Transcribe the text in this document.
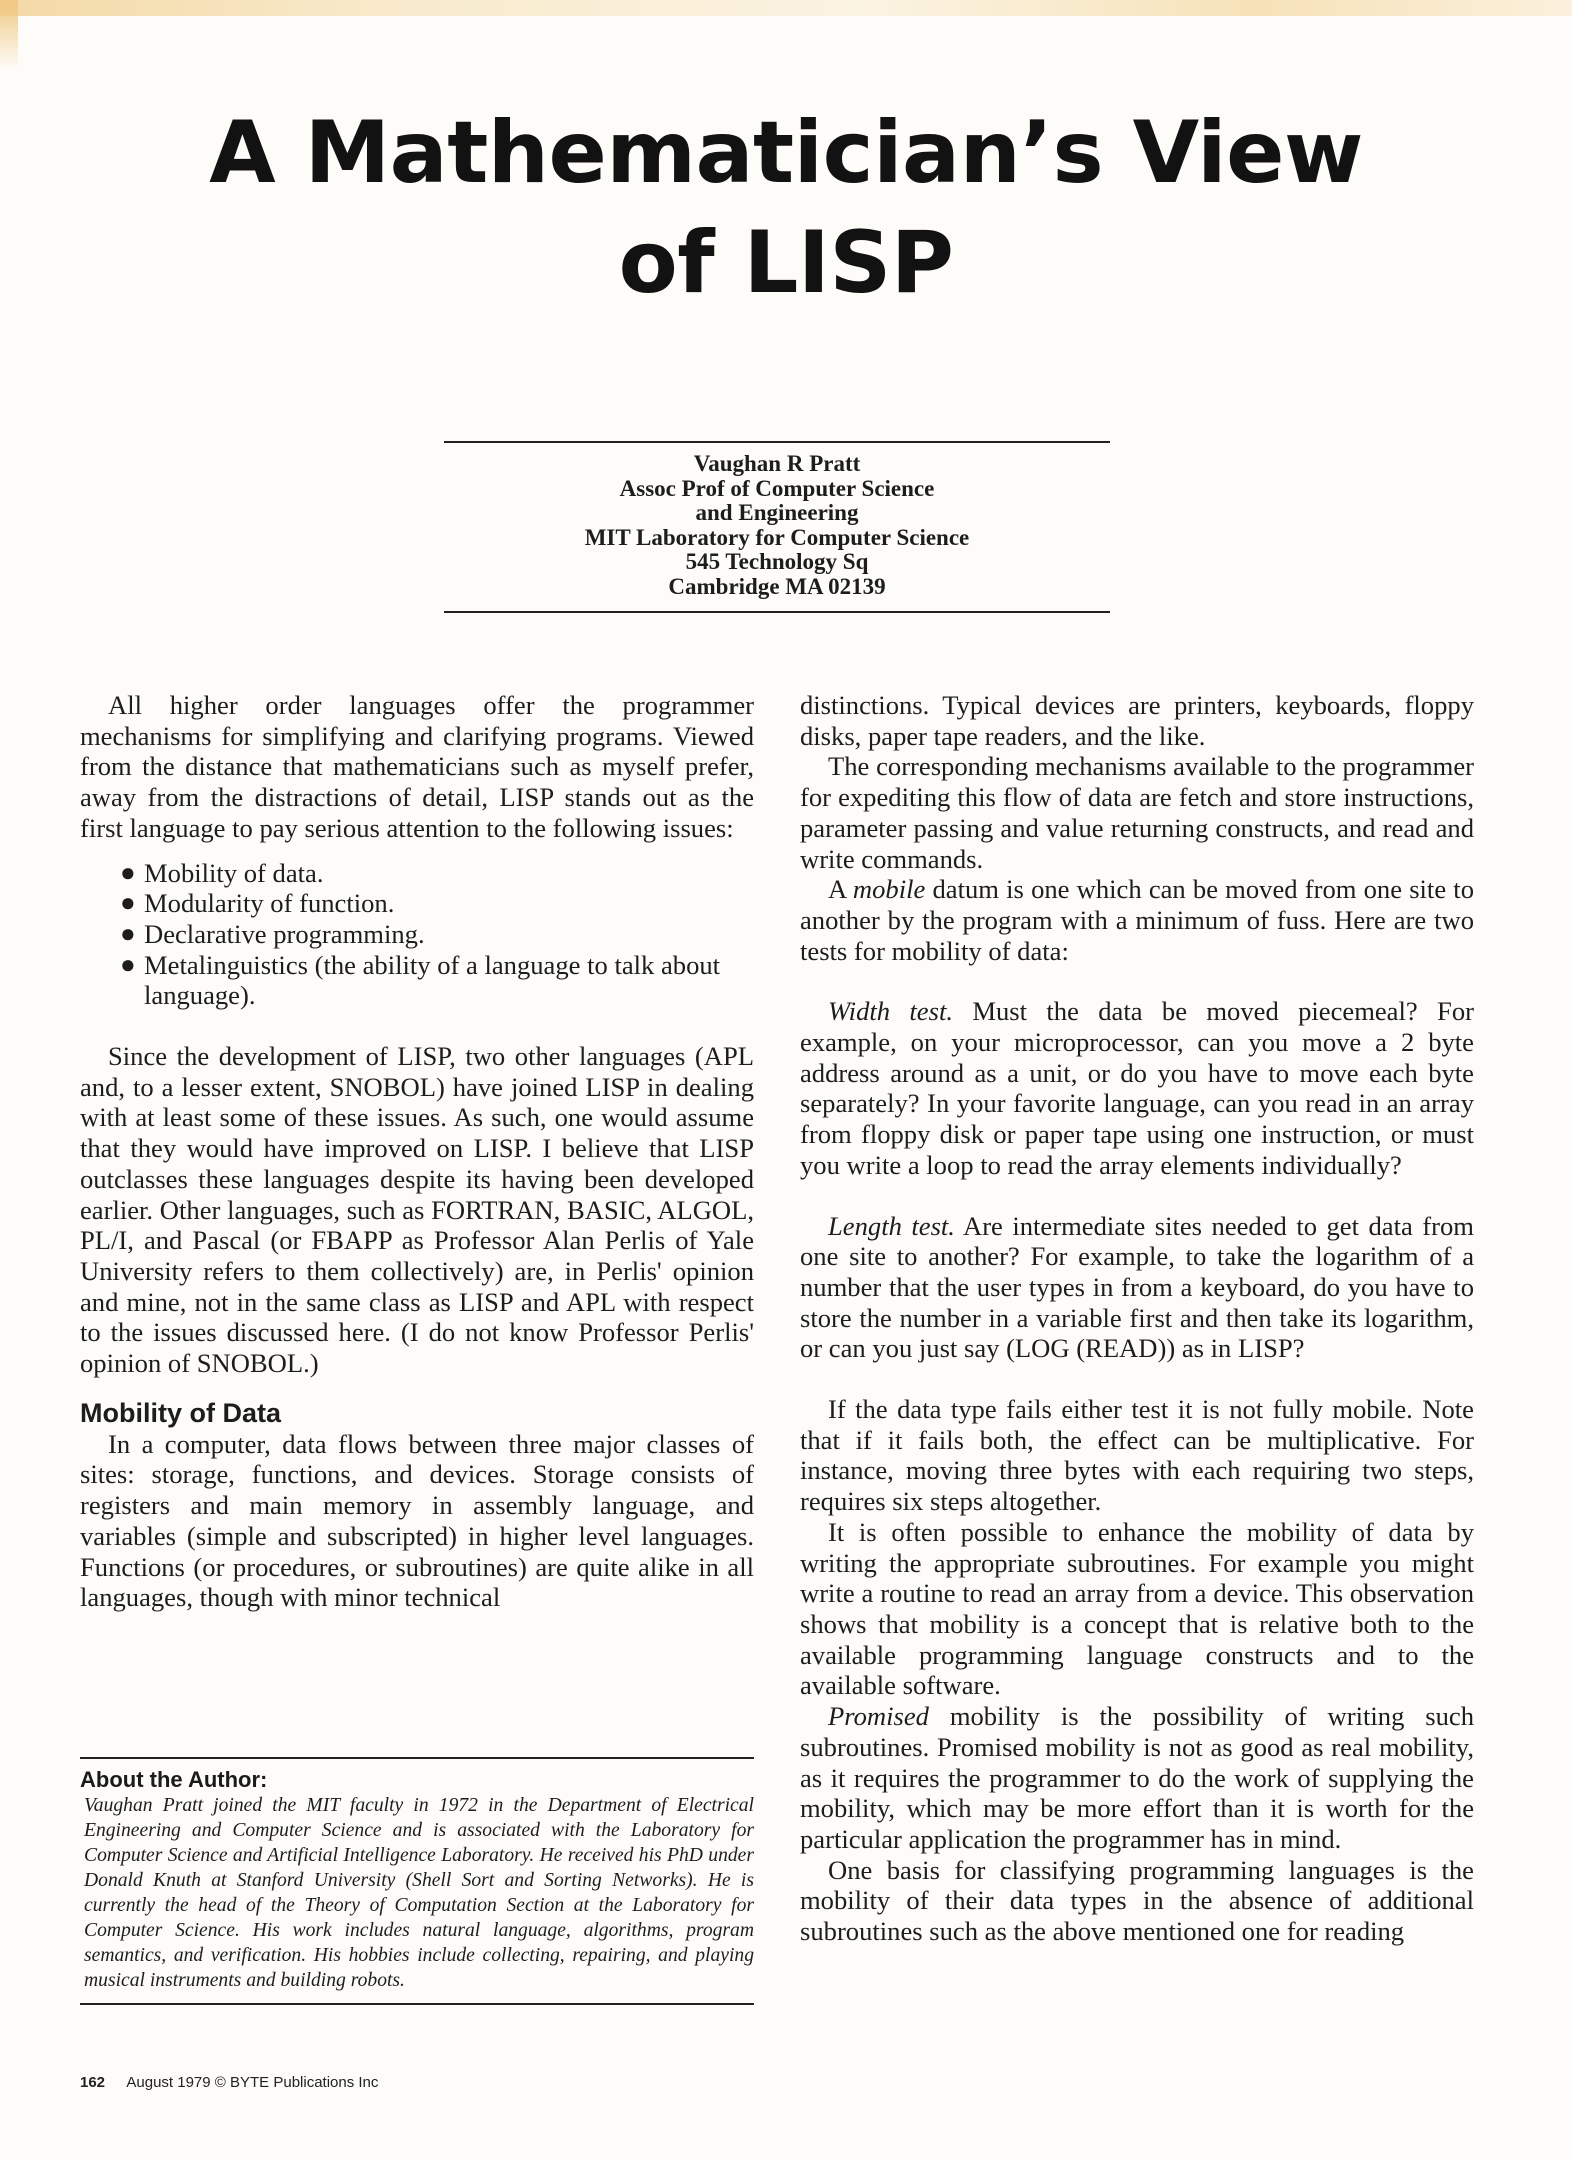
A Mathematician’s View
of LISP
Vaughan R Pratt
Assoc Prof of Computer Science
and Engineering
MIT Laboratory for Computer Science
545 Technology Sq
Cambridge MA 02139

All higher order languages offer the programmer mechanisms for simplifying and clarifying programs. Viewed from the distance that mathematicians such as myself prefer, away from the distractions of detail, LISP stands out as the first language to pay serious attention to the following issues:

● Mobility of data.
● Modularity of function.
● Declarative programming.
● Metalinguistics (the ability of a language to talk about language).

Since the development of LISP, two other languages (APL and, to a lesser extent, SNOBOL) have joined LISP in dealing with at least some of these issues. As such, one would assume that they would have improved on LISP. I believe that LISP outclasses these languages despite its having been developed earlier. Other languages, such as FORTRAN, BASIC, ALGOL, PL/I, and Pascal (or FBAPP as Professor Alan Perlis of Yale University refers to them collectively) are, in Perlis' opinion and mine, not in the same class as LISP and APL with respect to the issues discussed here. (I do not know Professor Perlis' opinion of SNOBOL.)

Mobility of Data

In a computer, data flows between three major classes of sites: storage, functions, and devices. Storage consists of registers and main memory in assembly language, and variables (simple and subscripted) in higher level languages. Functions (or procedures, or subroutines) are quite alike in all languages, though with minor technical

About the Author:

Vaughan Pratt joined the MIT faculty in 1972 in the Department of Electrical Engineering and Computer Science and is associated with the Laboratory for Computer Science and Artificial Intelligence Laboratory. He received his PhD under Donald Knuth at Stanford University (Shell Sort and Sorting Networks). He is currently the head of the Theory of Computation Section at the Laboratory for Computer Science. His work includes natural language, algorithms, program semantics, and verification. His hobbies include collecting, repairing, and playing musical instruments and building robots.

distinctions. Typical devices are printers, keyboards, floppy disks, paper tape readers, and the like.

The corresponding mechanisms available to the programmer for expediting this flow of data are fetch and store instructions, parameter passing and value returning constructs, and read and write commands.

A mobile datum is one which can be moved from one site to another by the program with a minimum of fuss. Here are two tests for mobility of data:

Width test. Must the data be moved piecemeal? For example, on your microprocessor, can you move a 2 byte address around as a unit, or do you have to move each byte separately? In your favorite language, can you read in an array from floppy disk or paper tape using one instruction, or must you write a loop to read the array elements individually?

Length test. Are intermediate sites needed to get data from one site to another? For example, to take the logarithm of a number that the user types in from a keyboard, do you have to store the number in a variable first and then take its logarithm, or can you just say (LOG (READ)) as in LISP?

If the data type fails either test it is not fully mobile. Note that if it fails both, the effect can be multiplicative. For instance, moving three bytes with each requiring two steps, requires six steps altogether.

It is often possible to enhance the mobility of data by writing the appropriate subroutines. For example you might write a routine to read an array from a device. This observation shows that mobility is a concept that is relative both to the available programming language constructs and to the available software.

Promised mobility is the possibility of writing such subroutines. Promised mobility is not as good as real mobility, as it requires the programmer to do the work of supplying the mobility, which may be more effort than it is worth for the particular application the programmer has in mind.

One basis for classifying programming languages is the mobility of their data types in the absence of additional subroutines such as the above mentioned one for reading

162 August 1979 © BYTE Publications Inc
